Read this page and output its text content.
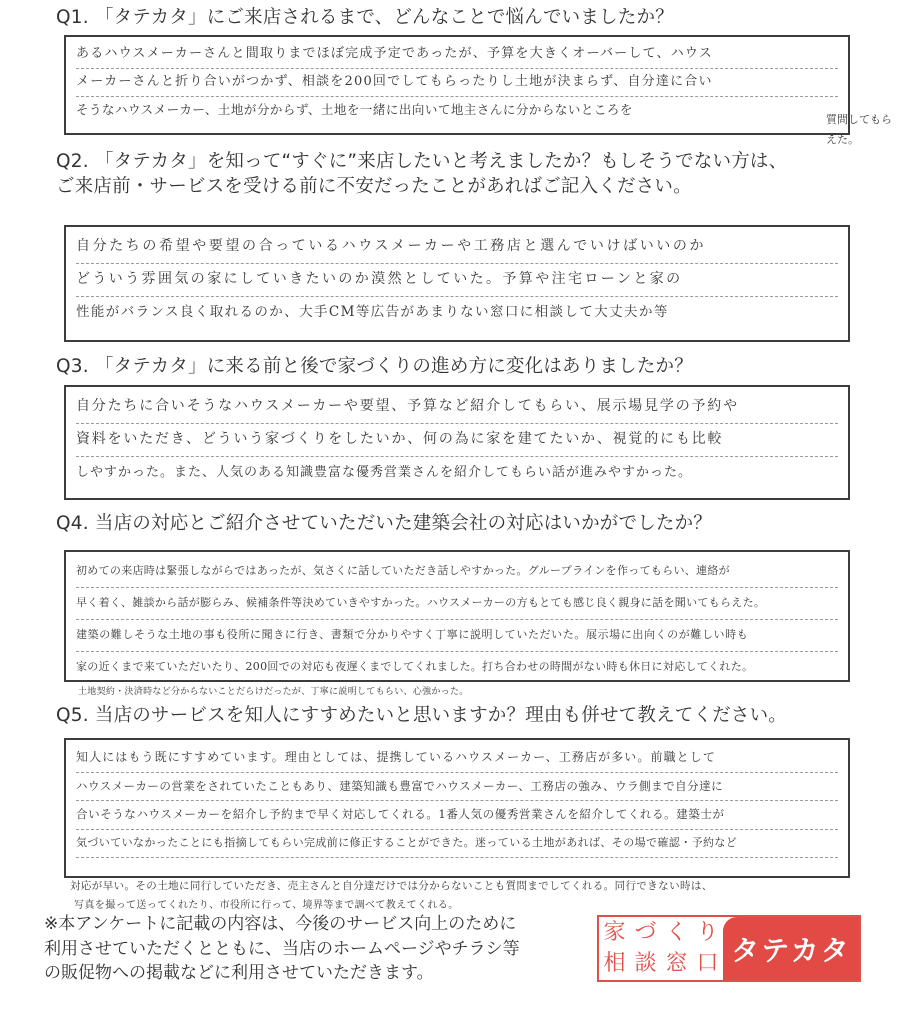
Q1. 「タテカタ」にご来店されるまで、どんなことで悩んでいましたか？
あるハウスメーカーさんと間取りまでほぼ完成予定であったが、予算を大きくオーバーして、ハウス
メーカーさんと折り合いがつかず、相談を200回でしてもらったりし土地が決まらず、自分達に合い
そうなハウスメーカー、土地が分からず、土地を一緒に出向いて地主さんに分からないところを
質問してもらえた。
Q2. 「タテカタ」を知って“すぐに”来店したいと考えましたか？もしそうでない方は、
ご来店前・サービスを受ける前に不安だったことがあればご記入ください。
自分たちの希望や要望の合っているハウスメーカーや工務店と選んでいけばいいのか
どういう雰囲気の家にしていきたいのか漠然としていた。予算や注宅ローンと家の
性能がバランス良く取れるのか、大手CM等広告があまりない窓口に相談して大丈夫か等
Q3. 「タテカタ」に来る前と後で家づくりの進め方に変化はありましたか？
自分たちに合いそうなハウスメーカーや要望、予算など紹介してもらい、展示場見学の予約や
資料をいただき、どういう家づくりをしたいか、何の為に家を建てたいか、視覚的にも比較
しやすかった。また、人気のある知識豊富な優秀営業さんを紹介してもらい話が進みやすかった。
Q4. 当店の対応とご紹介させていただいた建築会社の対応はいかがでしたか？
初めての来店時は緊張しながらではあったが、気さくに話していただき話しやすかった。グループラインを作ってもらい、連絡が
早く着く、雑談から話が膨らみ、候補条件等決めていきやすかった。ハウスメーカーの方もとても感じ良く親身に話を聞いてもらえた。
建築の難しそうな土地の事も役所に聞きに行き、書類で分かりやすく丁寧に説明していただいた。展示場に出向くのが難しい時も
家の近くまで来ていただいたり、200回での対応も夜遅くまでしてくれました。打ち合わせの時間がない時も休日に対応してくれた。
土地契約・決済時など分からないことだらけだったが、丁寧に説明してもらい、心強かった。
Q5. 当店のサービスを知人にすすめたいと思いますか？理由も併せて教えてください。
知人にはもう既にすすめています。理由としては、提携しているハウスメーカー、工務店が多い。前職として
ハウスメーカーの営業をされていたこともあり、建築知識も豊富でハウスメーカー、工務店の強み、ウラ側まで自分達に
合いそうなハウスメーカーを紹介し予約まで早く対応してくれる。1番人気の優秀営業さんを紹介してくれる。建築士が
気づいていなかったことにも指摘してもらい完成前に修正することができた。迷っている土地があれば、その場で確認・予約など
対応が早い。その土地に同行していただき、売主さんと自分達だけでは分からないことも質問までしてくれる。同行できない時は、
写真を撮って送ってくれたり、市役所に行って、境界等まで調べて教えてくれる。
※本アンケートに記載の内容は、今後のサービス向上のために
利用させていただくとともに、当店のホームページやチラシ等
の販促物への掲載などに利用させていただきます。
家 づ く り
相 談 窓 口 タテカタ
